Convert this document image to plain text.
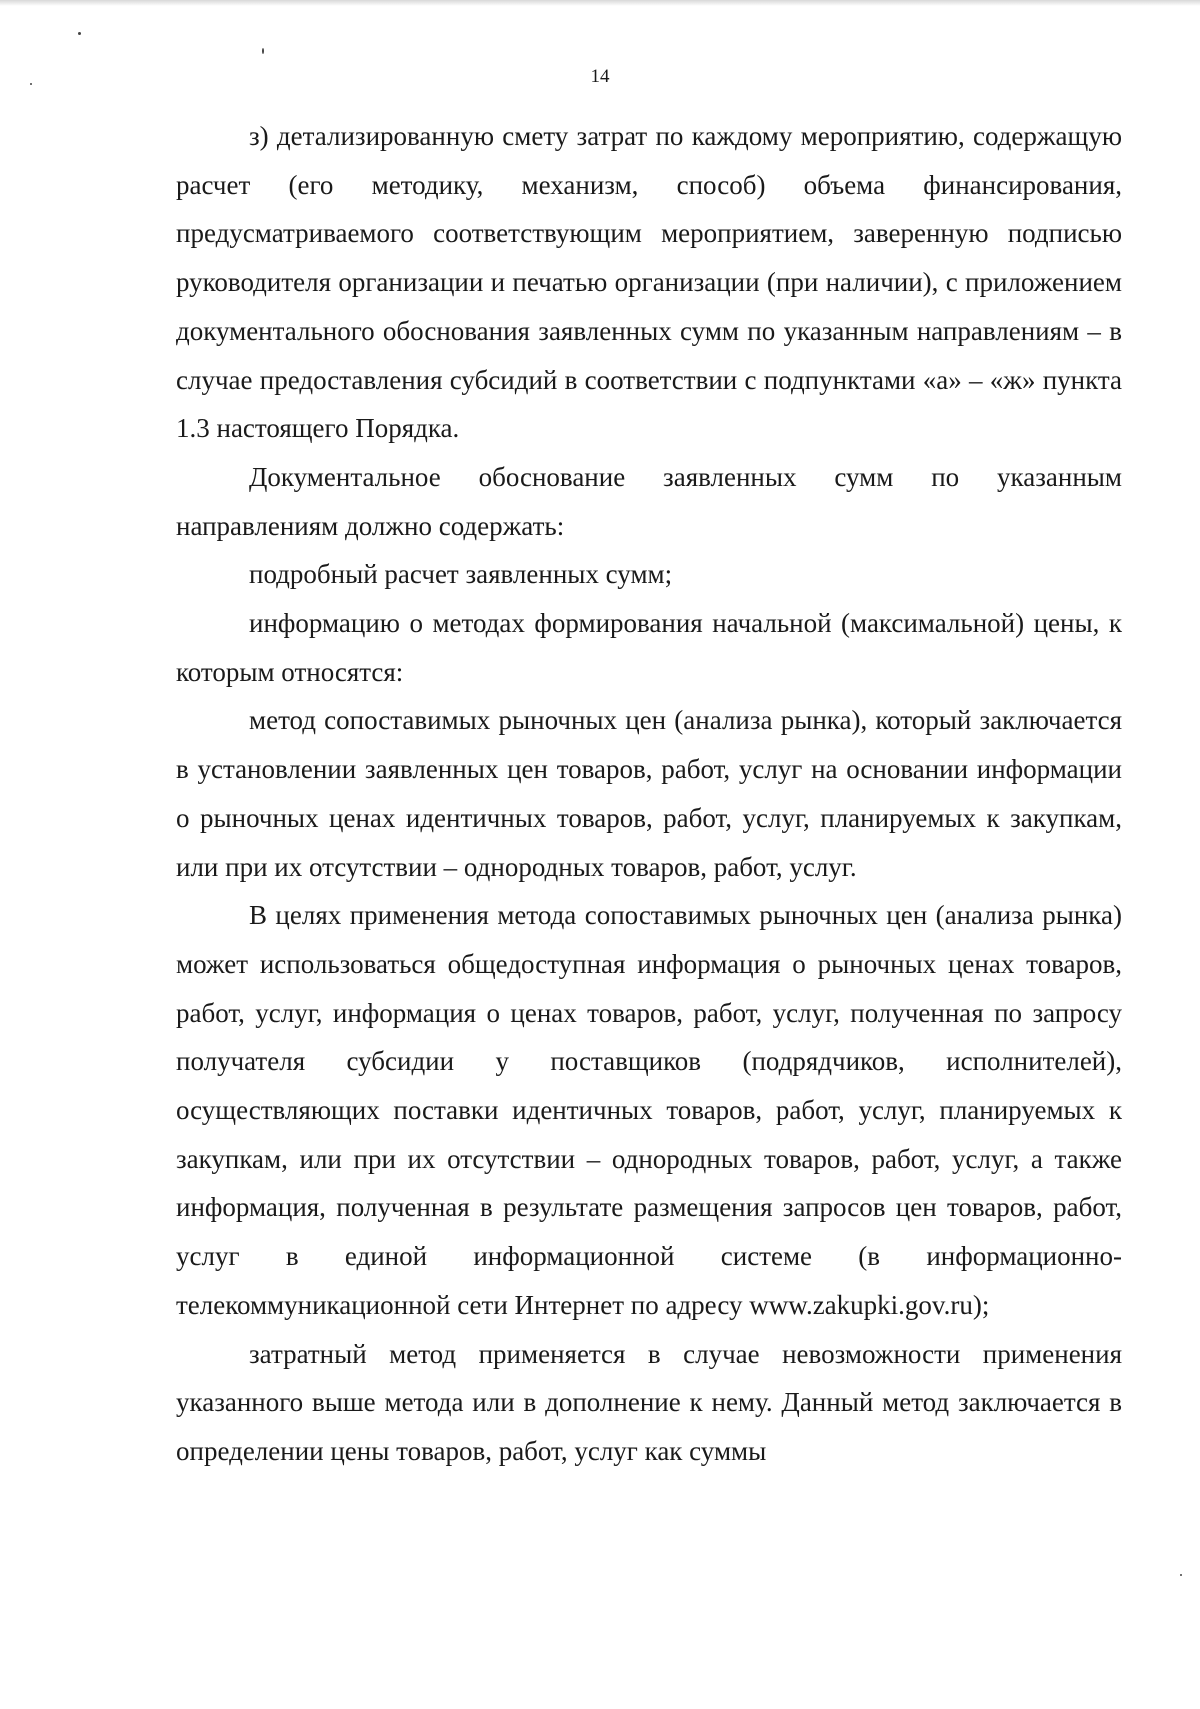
14

з) детализированную смету затрат по каждому мероприятию, содержащую расчет (его методику, механизм, способ) объема финансирования, предусматриваемого соответствующим мероприятием, заверенную подписью руководителя организации и печатью организации (при наличии), с приложением документального обоснования заявленных сумм по указанным направлениям – в случае предоставления субсидий в соответствии с подпунктами «а» – «ж» пункта 1.3 настоящего Порядка.

Документальное обоснование заявленных сумм по указанным направлениям должно содержать:

подробный расчет заявленных сумм;

информацию о методах формирования начальной (максимальной) цены, к которым относятся:

метод сопоставимых рыночных цен (анализа рынка), который заключается в установлении заявленных цен товаров, работ, услуг на основании информации о рыночных ценах идентичных товаров, работ, услуг, планируемых к закупкам, или при их отсутствии – однородных товаров, работ, услуг.

В целях применения метода сопоставимых рыночных цен (анализа рынка) может использоваться общедоступная информация о рыночных ценах товаров, работ, услуг, информация о ценах товаров, работ, услуг, полученная по запросу получателя субсидии у поставщиков (подрядчиков, исполнителей), осуществляющих поставки идентичных товаров, работ, услуг, планируемых к закупкам, или при их отсутствии – однородных товаров, работ, услуг, а также информация, полученная в результате размещения запросов цен товаров, работ, услуг в единой информационной системе (в информационно-телекоммуникационной сети Интернет по адресу www.zakupki.gov.ru);

затратный метод применяется в случае невозможности применения указанного выше метода или в дополнение к нему. Данный метод заключается в определении цены товаров, работ, услуг как суммы
